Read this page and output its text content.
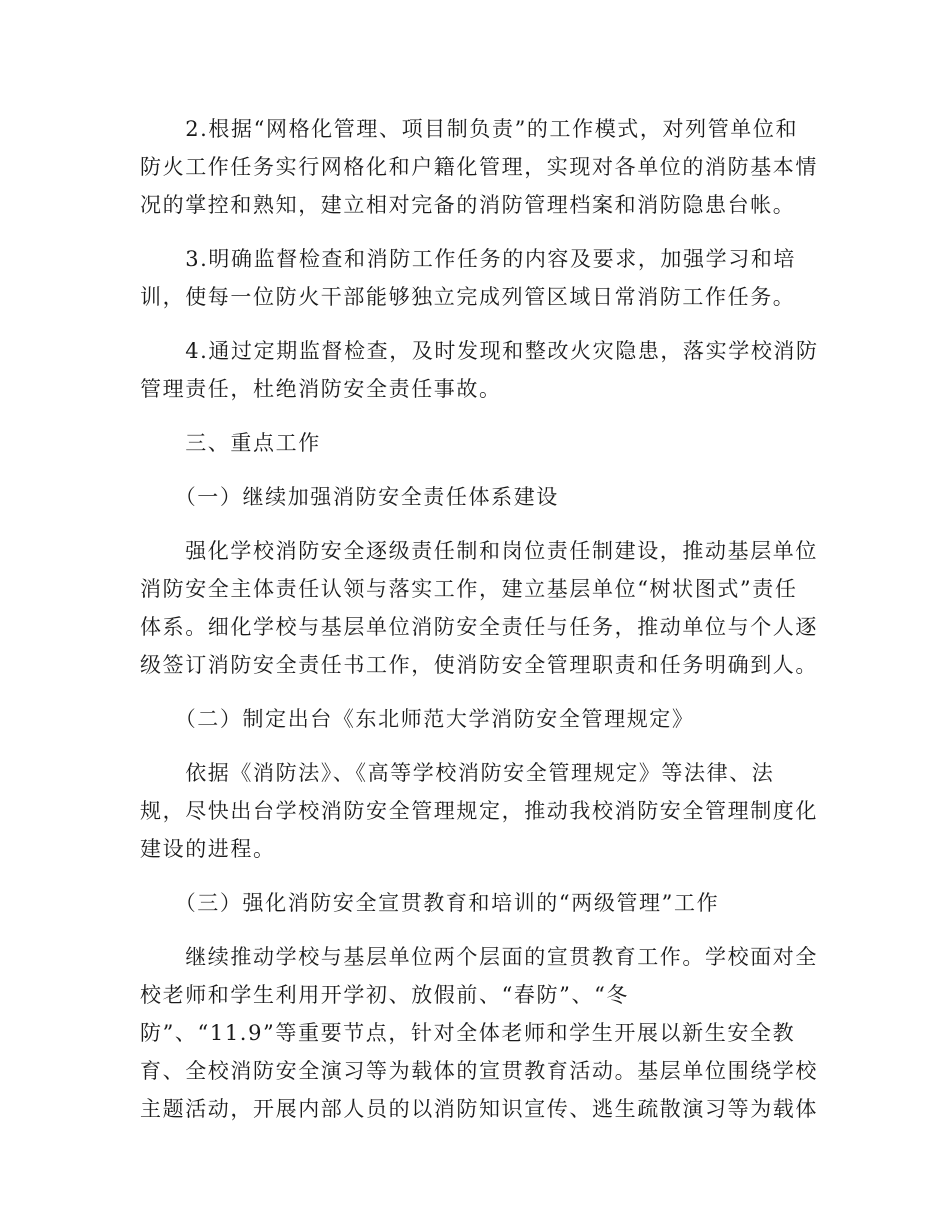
　　2.根据“网格化管理、项目制负责”的工作模式，对列管单位和
防火工作任务实行网格化和户籍化管理，实现对各单位的消防基本情
况的掌控和熟知，建立相对完备的消防管理档案和消防隐患台帐。

　　3.明确监督检查和消防工作任务的内容及要求，加强学习和培
训，使每一位防火干部能够独立完成列管区域日常消防工作任务。

　　4.通过定期监督检查，及时发现和整改火灾隐患，落实学校消防
管理责任，杜绝消防安全责任事故。

　　三、重点工作

　　（一）继续加强消防安全责任体系建设

　　强化学校消防安全逐级责任制和岗位责任制建设，推动基层单位
消防安全主体责任认领与落实工作，建立基层单位“树状图式”责任
体系。细化学校与基层单位消防安全责任与任务，推动单位与个人逐
级签订消防安全责任书工作，使消防安全管理职责和任务明确到人。

　　（二）制定出台《东北师范大学消防安全管理规定》

　　依据《消防法》、《高等学校消防安全管理规定》等法律、法
规，尽快出台学校消防安全管理规定，推动我校消防安全管理制度化
建设的进程。

　　（三）强化消防安全宣贯教育和培训的“两级管理”工作

　　继续推动学校与基层单位两个层面的宣贯教育工作。学校面对全
校老师和学生利用开学初、放假前、“春防”、“冬
防”、“11.9”等重要节点，针对全体老师和学生开展以新生安全教
育、全校消防安全演习等为载体的宣贯教育活动。基层单位围绕学校
主题活动，开展内部人员的以消防知识宣传、逃生疏散演习等为载体
